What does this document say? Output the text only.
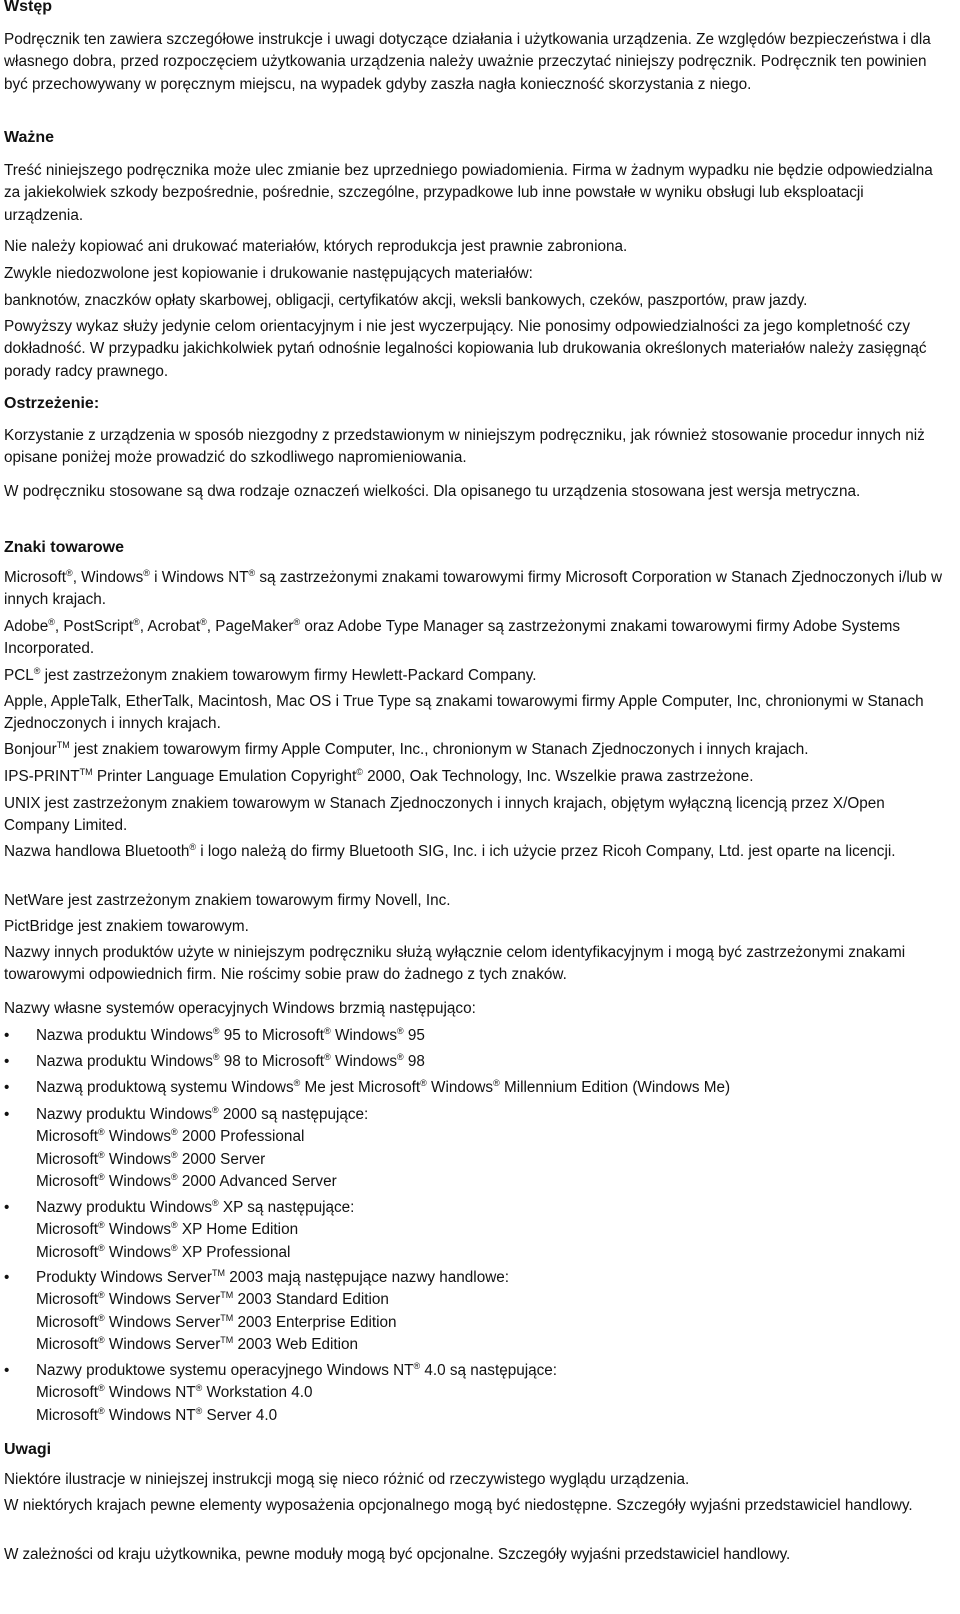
Wstęp
Podręcznik ten zawiera szczegółowe instrukcje i uwagi dotyczące działania i użytkowania urządzenia. Ze względów bezpieczeństwa i dla własnego dobra, przed rozpoczęciem użytkowania urządzenia należy uważnie przeczytać niniejszy podręcznik. Podręcznik ten powinien być przechowywany w poręcznym miejscu, na wypadek gdyby zaszła nagła konieczność skorzystania z niego.
Ważne
Treść niniejszego podręcznika może ulec zmianie bez uprzedniego powiadomienia. Firma w żadnym wypadku nie będzie odpowiedzialna za jakiekolwiek szkody bezpośrednie, pośrednie, szczególne, przypadkowe lub inne powstałe w wyniku obsługi lub eksploatacji urządzenia.
Nie należy kopiować ani drukować materiałów, których reprodukcja jest prawnie zabroniona.
Zwykle niedozwolone jest kopiowanie i drukowanie następujących materiałów:
banknotów, znaczków opłaty skarbowej, obligacji, certyfikatów akcji, weksli bankowych, czeków, paszportów, praw jazdy.
Powyższy wykaz służy jedynie celom orientacyjnym i nie jest wyczerpujący. Nie ponosimy odpowiedzialności za jego kompletność czy dokładność. W przypadku jakichkolwiek pytań odnośnie legalności kopiowania lub drukowania określonych materiałów należy zasięgnąć porady radcy prawnego.
Ostrzeżenie:
Korzystanie z urządzenia w sposób niezgodny z przedstawionym w niniejszym podręczniku, jak również stosowanie procedur innych niż opisane poniżej może prowadzić do szkodliwego napromieniowania.
W podręczniku stosowane są dwa rodzaje oznaczeń wielkości. Dla opisanego tu urządzenia stosowana jest wersja metryczna.
Znaki towarowe
Microsoft®, Windows® i Windows NT® są zastrzeżonymi znakami towarowymi firmy Microsoft Corporation w Stanach Zjednoczonych i/lub w innych krajach.
Adobe®, PostScript®, Acrobat®, PageMaker® oraz Adobe Type Manager są zastrzeżonymi znakami towarowymi firmy Adobe Systems Incorporated.
PCL® jest zastrzeżonym znakiem towarowym firmy Hewlett-Packard Company.
Apple, AppleTalk, EtherTalk, Macintosh, Mac OS i True Type są znakami towarowymi firmy Apple Computer, Inc, chronionymi w Stanach Zjednoczonych i innych krajach.
Bonjour™ jest znakiem towarowym firmy Apple Computer, Inc., chronionym w Stanach Zjednoczonych i innych krajach.
IPS-PRINT™ Printer Language Emulation Copyright© 2000, Oak Technology, Inc. Wszelkie prawa zastrzeżone.
UNIX jest zastrzeżonym znakiem towarowym w Stanach Zjednoczonych i innych krajach, objętym wyłączną licencją przez X/Open Company Limited.
Nazwa handlowa Bluetooth® i logo należą do firmy Bluetooth SIG, Inc. i ich użycie przez Ricoh Company, Ltd. jest oparte na licencji.
NetWare jest zastrzeżonym znakiem towarowym firmy Novell, Inc.
PictBridge jest znakiem towarowym.
Nazwy innych produktów użyte w niniejszym podręczniku służą wyłącznie celom identyfikacyjnym i mogą być zastrzeżonymi znakami towarowymi odpowiednich firm. Nie rościmy sobie praw do żadnego z tych znaków.
Nazwy własne systemów operacyjnych Windows brzmią następująco:
• Nazwa produktu Windows® 95 to Microsoft® Windows® 95
• Nazwa produktu Windows® 98 to Microsoft® Windows® 98
• Nazwą produktową systemu Windows® Me jest Microsoft® Windows® Millennium Edition (Windows Me)
• Nazwy produktu Windows® 2000 są następujące:
Microsoft® Windows® 2000 Professional
Microsoft® Windows® 2000 Server
Microsoft® Windows® 2000 Advanced Server
• Nazwy produktu Windows® XP są następujące:
Microsoft® Windows® XP Home Edition
Microsoft® Windows® XP Professional
• Produkty Windows Server™ 2003 mają następujące nazwy handlowe:
Microsoft® Windows Server™ 2003 Standard Edition
Microsoft® Windows Server™ 2003 Enterprise Edition
Microsoft® Windows Server™ 2003 Web Edition
• Nazwy produktowe systemu operacyjnego Windows NT® 4.0 są następujące:
Microsoft® Windows NT® Workstation 4.0
Microsoft® Windows NT® Server 4.0
Uwagi
Niektóre ilustracje w niniejszej instrukcji mogą się nieco różnić od rzeczywistego wyglądu urządzenia.
W niektórych krajach pewne elementy wyposażenia opcjonalnego mogą być niedostępne. Szczegóły wyjaśni przedstawiciel handlowy.
W zależności od kraju użytkownika, pewne moduły mogą być opcjonalne. Szczegóły wyjaśni przedstawiciel handlowy.
